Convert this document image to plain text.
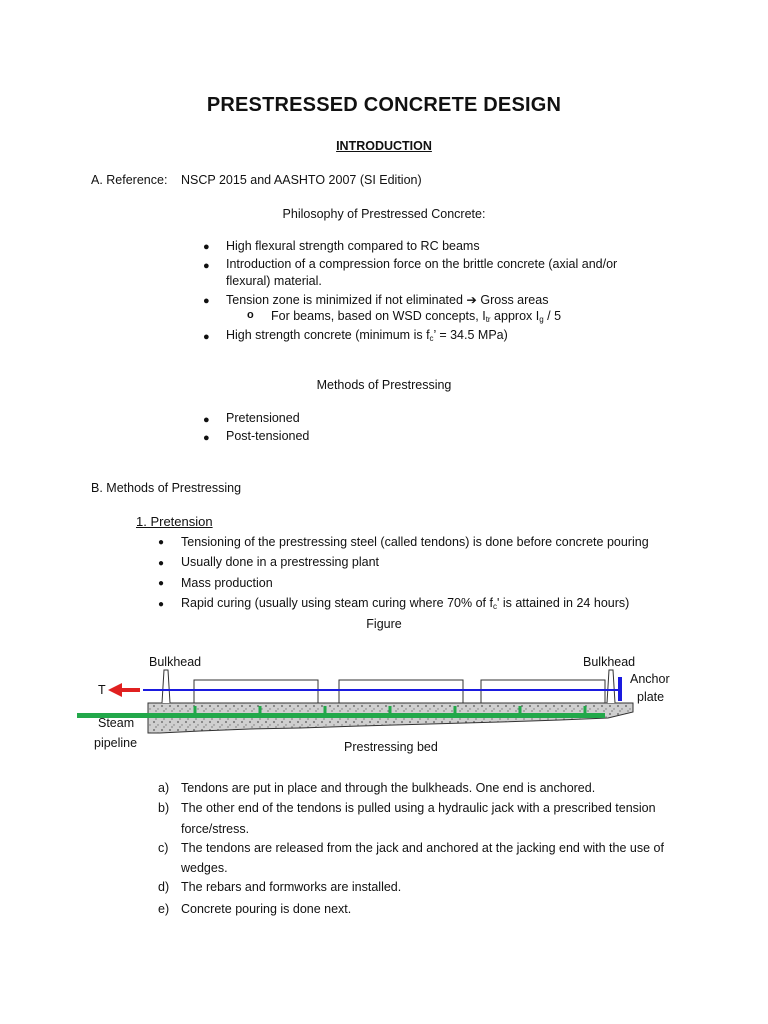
PRESTRESSED CONCRETE DESIGN
INTRODUCTION
A. Reference: NSCP 2015 and AASHTO 2007 (SI Edition)
Philosophy of Prestressed Concrete:
● High flexural strength compared to RC beams
● Introduction of a compression force on the brittle concrete (axial and/or
flexural) material.
● Tension zone is minimized if not eliminated ➔ Gross areas
o For beams, based on WSD concepts, $I_{tr}$ approx $I_g / 5$
● High strength concrete (minimum is $f_c$’ = 34.5 MPa)
Methods of Prestressing
● Pretensioned
● Post-tensioned
B. Methods of Prestressing
1. Pretension
● Tensioning of the prestressing steel (called tendons) is done before concrete pouring
● Usually done in a prestressing plant
● Mass production
● Rapid curing (usually using steam curing where 70% of $f_c'$ is attained in 24 hours)
Figure
Bulkhead	Bulkhead
Anchor
plate
T
Steam
pipeline	Prestressing bed
a) Tendons are put in place and through the bulkheads. One end is anchored.
b) The other end of the tendons is pulled using a hydraulic jack with a prescribed tension
force/stress.
c) The tendons are released from the jack and anchored at the jacking end with the use of
wedges.
d) The rebars and formworks are installed.
e) Concrete pouring is done next.
